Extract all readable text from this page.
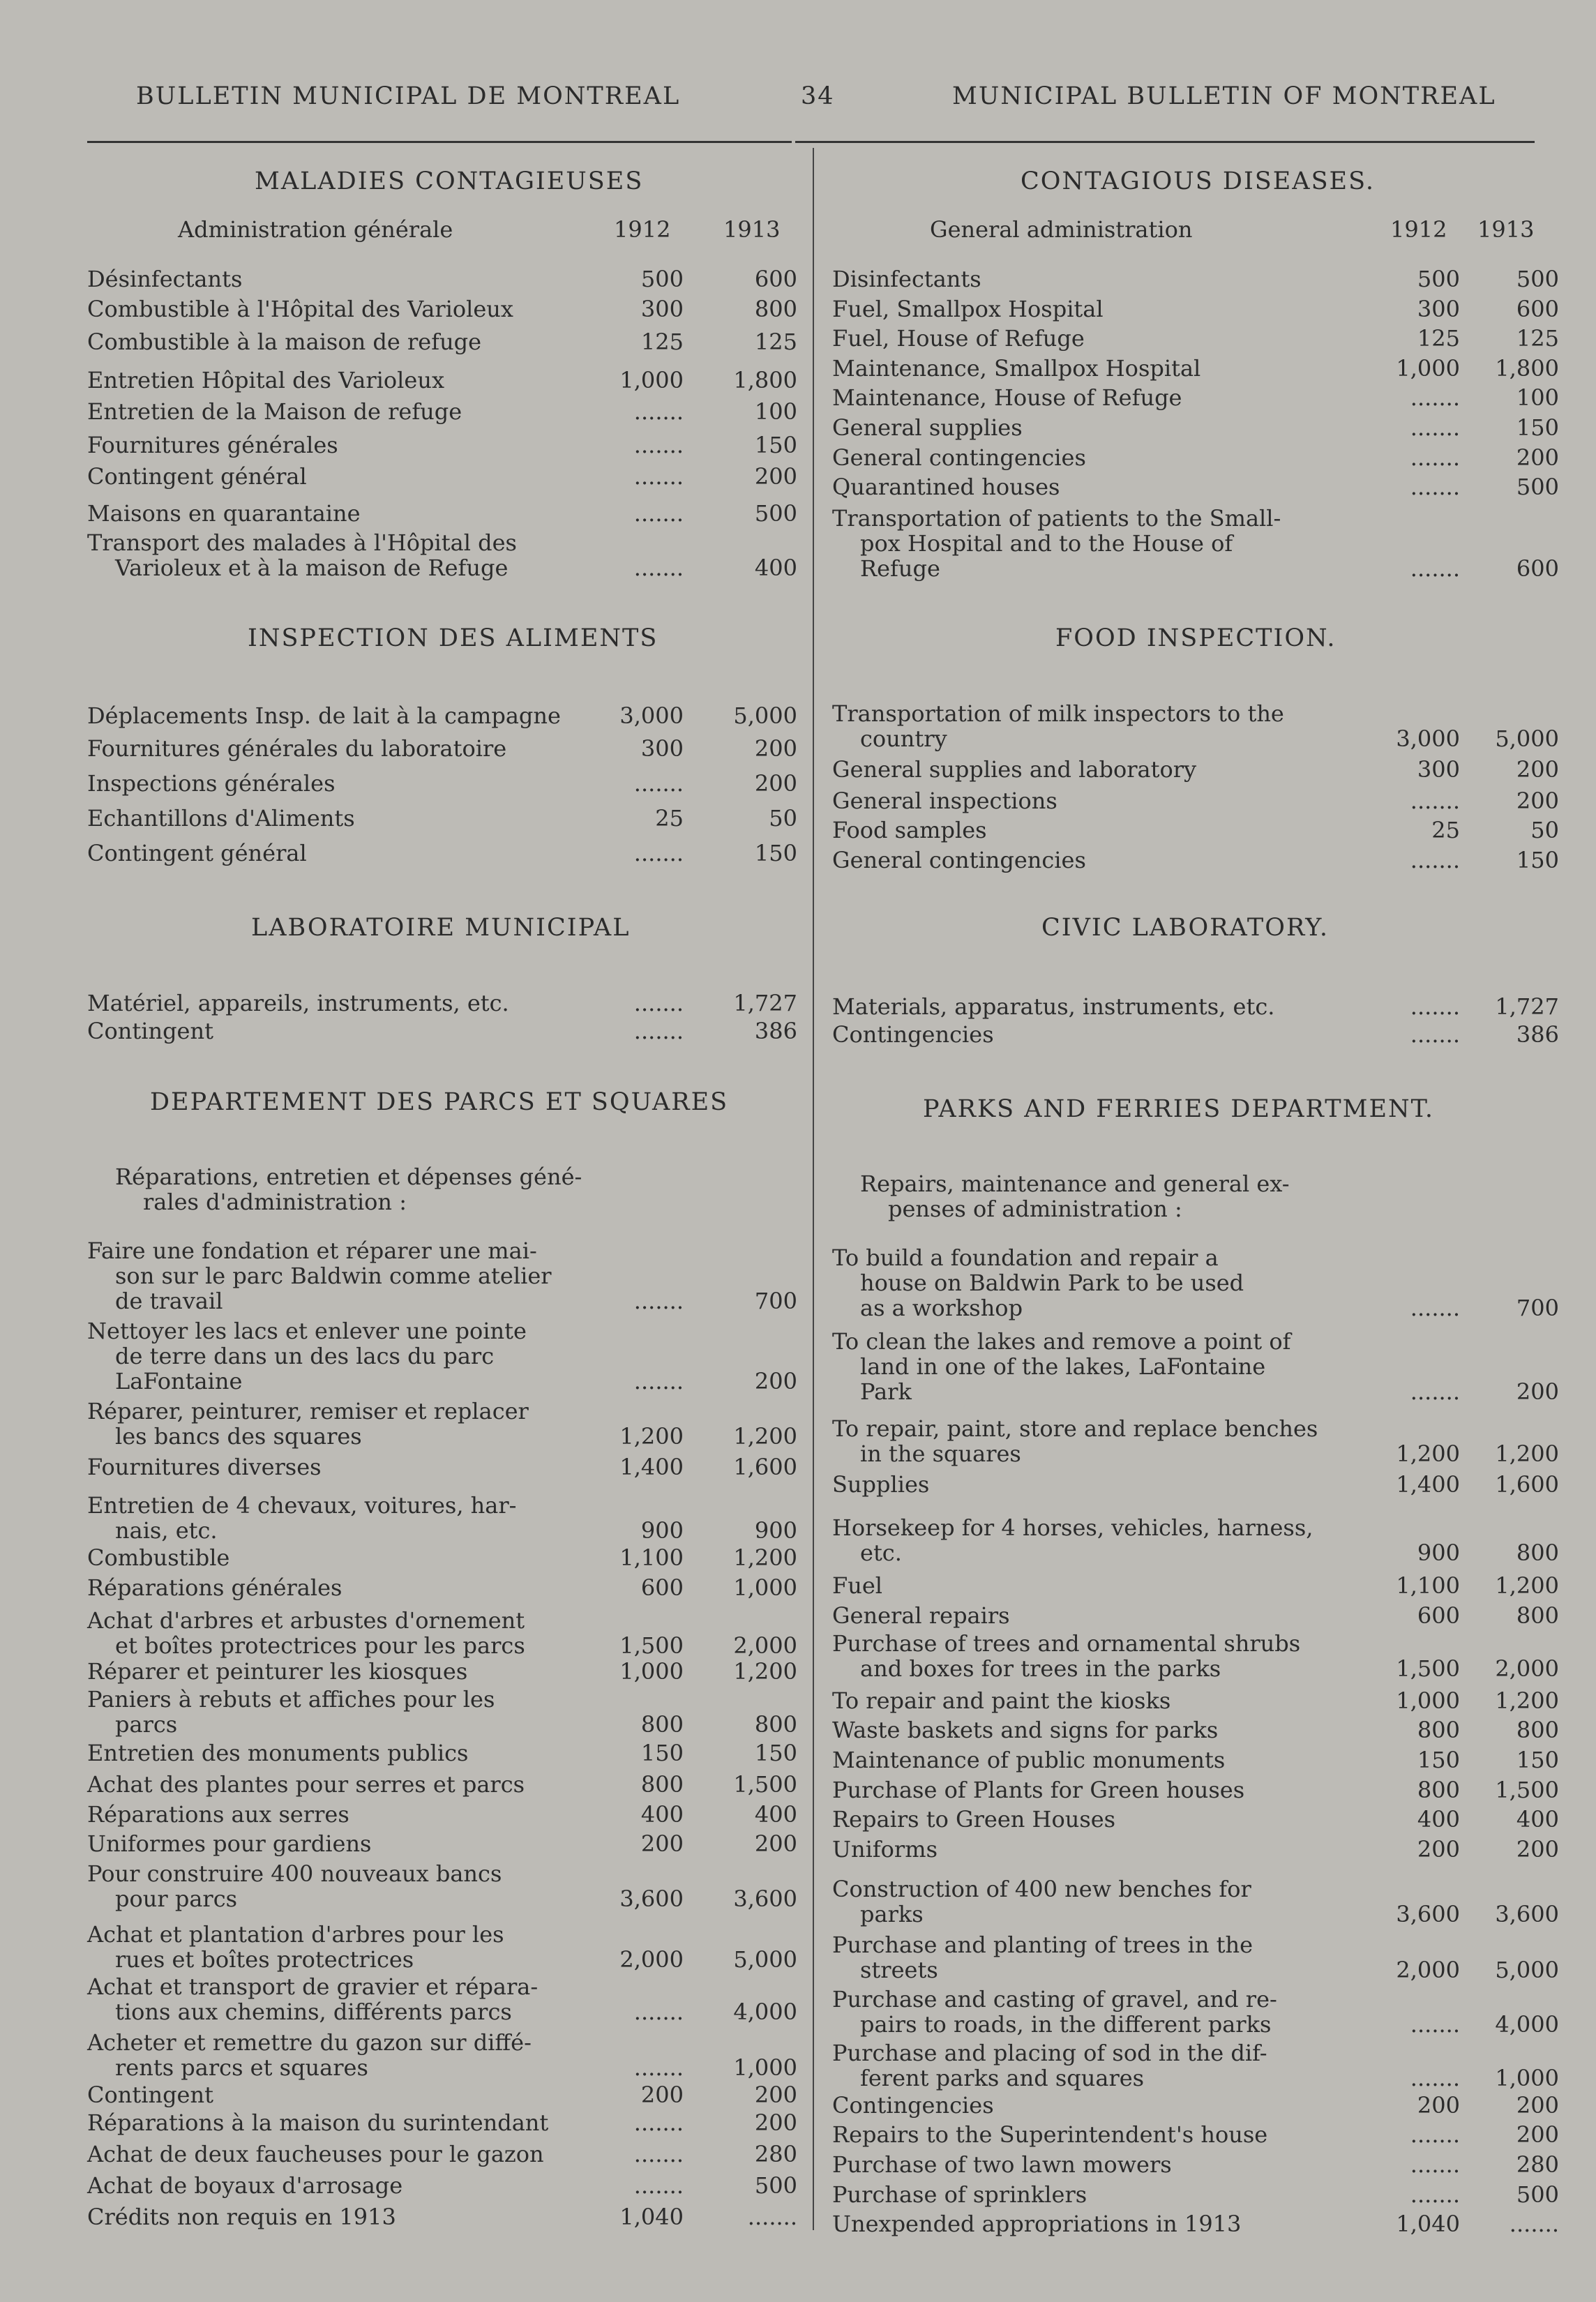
BULLETIN MUNICIPAL DE MONTREAL	34	MUNICIPAL BULLETIN OF MONTREAL
MALADIES CONTAGIEUSES
Administration générale	1912 1913
Désinfectants	500	600
Combustible à l'Hôpital des Varioleux	300	800
Combustible à la maison de refuge	125	125
Entretien Hôpital des Varioleux	1,000	1,800
Entretien de la Maison de refuge	.......	100
Fournitures générales	.......	150
Contingent général	.......	200
Maisons en quarantaine	.......	500
Transport des malades à l'Hôpital des
Varioleux et à la maison de Refuge	.......	400
INSPECTION DES ALIMENTS
Déplacements Insp. de lait à la campagne	3,000	5,000
Fournitures générales du laboratoire	300	200
Inspections générales	.......	200
Echantillons d'Aliments	25	50
Contingent général	.......	150
LABORATOIRE MUNICIPAL
Matériel, appareils, instruments, etc.	.......	1,727
Contingent	.......	386
DEPARTEMENT DES PARCS ET SQUARES
Réparations, entretien et dépenses géné-
rales d'administration :
Faire une fondation et réparer une mai-
son sur le parc Baldwin comme atelier
de travail	.......	700
Nettoyer les lacs et enlever une pointe
de terre dans un des lacs du parc
LaFontaine	.......	200
Réparer, peinturer, remiser et replacer
les bancs des squares	1,200	1,200
Fournitures diverses	1,400	1,600
Entretien de 4 chevaux, voitures, har-
nais, etc.	900	900
Combustible	1,100	1,200
Réparations générales	600	1,000
Achat d'arbres et arbustes d'ornement
et boîtes protectrices pour les parcs	1,500	2,000
Réparer et peinturer les kiosques	1,000	1,200
Paniers à rebuts et affiches pour les
parcs	800	800
Entretien des monuments publics	150	150
Achat des plantes pour serres et parcs	800	1,500
Réparations aux serres	400	400
Uniformes pour gardiens	200	200
Pour construire 400 nouveaux bancs
pour parcs	3,600	3,600
Achat et plantation d'arbres pour les
rues et boîtes protectrices	2,000	5,000
Achat et transport de gravier et répara-
tions aux chemins, différents parcs	.......	4,000
Acheter et remettre du gazon sur diffé-
rents parcs et squares	.......	1,000
Contingent	200	200
Réparations à la maison du surintendant	.......	200
Achat de deux faucheuses pour le gazon	.......	280
Achat de boyaux d'arrosage	.......	500
Crédits non requis en 1913	1,040	.......
CONTAGIOUS DISEASES.
General administration	1912 1913
Disinfectants	500	500
Fuel, Smallpox Hospital	300	600
Fuel, House of Refuge	125	125
Maintenance, Smallpox Hospital	1,000	1,800
Maintenance, House of Refuge	.......	100
General supplies	.......	150
General contingencies	.......	200
Quarantined houses	.......	500
Transportation of patients to the Small-
pox Hospital and to the House of
Refuge	.......	600
FOOD INSPECTION.
Transportation of milk inspectors to the
country	3,000	5,000
General supplies and laboratory	300	200
General inspections	.......	200
Food samples	25	50
General contingencies	.......	150
CIVIC LABORATORY.
Materials, apparatus, instruments, etc.	.......	1,727
Contingencies	.......	386
PARKS AND FERRIES DEPARTMENT.
Repairs, maintenance and general ex-
penses of administration :
To build a foundation and repair a
house on Baldwin Park to be used
as a workshop	.......	700
To clean the lakes and remove a point of
land in one of the lakes, LaFontaine
Park	.......	200
To repair, paint, store and replace benches
in the squares	1,200	1,200
Supplies	1,400	1,600
Horsekeep for 4 horses, vehicles, harness,
etc.	900	800
Fuel	1,100	1,200
General repairs	600	800
Purchase of trees and ornamental shrubs
and boxes for trees in the parks	1,500	2,000
To repair and paint the kiosks	1,000	1,200
Waste baskets and signs for parks	800	800
Maintenance of public monuments	150	150
Purchase of Plants for Green houses	800	1,500
Repairs to Green Houses	400	400
Uniforms	200	200
Construction of 400 new benches for
parks	3,600	3,600
Purchase and planting of trees in the
streets	2,000	5,000
Purchase and casting of gravel, and re-
pairs to roads, in the different parks	.......	4,000
Purchase and placing of sod in the dif-
ferent parks and squares	.......	1,000
Contingencies	200	200
Repairs to the Superintendent's house	.......	200
Purchase of two lawn mowers	.......	280
Purchase of sprinklers	.......	500
Unexpended appropriations in 1913	1,040	.......
